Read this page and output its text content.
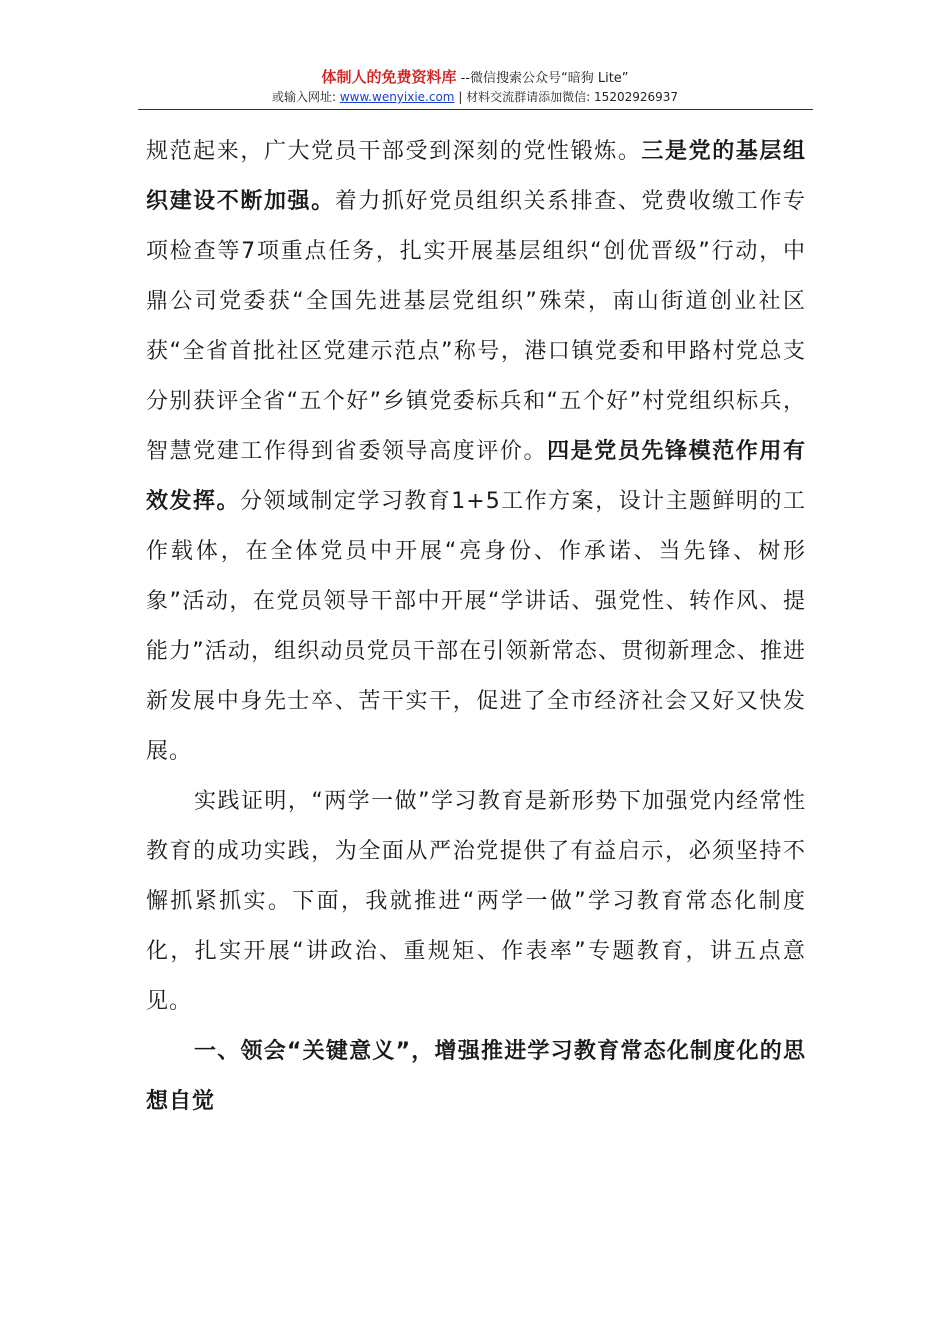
体制人的免费资料库 --微信搜索公众号“暗狗 Lite”
或输入网址: www.wenyixie.com | 材料交流群请添加微信: 15202926937

规范起来，广大党员干部受到深刻的党性锻炼。三是党的基层组织建设不断加强。着力抓好党员组织关系排查、党费收缴工作专项检查等7项重点任务，扎实开展基层组织“创优晋级”行动，中鼎公司党委获“全国先进基层党组织”殊荣，南山街道创业社区获“全省首批社区党建示范点”称号，港口镇党委和甲路村党总支分别获评全省“五个好”乡镇党委标兵和“五个好”村党组织标兵，智慧党建工作得到省委领导高度评价。四是党员先锋模范作用有效发挥。分领域制定学习教育1+5工作方案，设计主题鲜明的工作载体，在全体党员中开展“亮身份、作承诺、当先锋、树形象”活动，在党员领导干部中开展“学讲话、强党性、转作风、提能力”活动，组织动员党员干部在引领新常态、贯彻新理念、推进新发展中身先士卒、苦干实干，促进了全市经济社会又好又快发展。

实践证明，“两学一做”学习教育是新形势下加强党内经常性教育的成功实践，为全面从严治党提供了有益启示，必须坚持不懈抓紧抓实。下面，我就推进“两学一做”学习教育常态化制度化，扎实开展“讲政治、重规矩、作表率”专题教育，讲五点意见。

一、领会“关键意义”，增强推进学习教育常态化制度化的思想自觉
